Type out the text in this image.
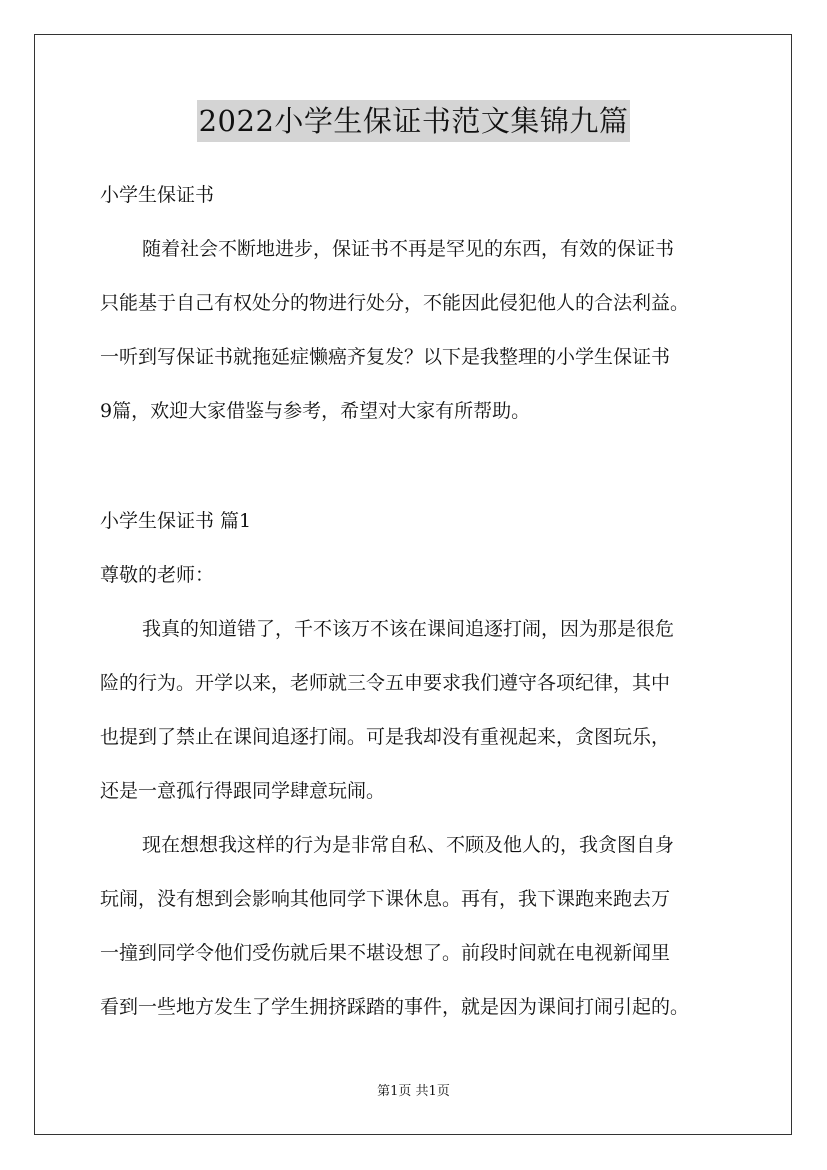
2022小学生保证书范文集锦九篇
小学生保证书
随着社会不断地进步，保证书不再是罕见的东西，有效的保证书
只能基于自己有权处分的物进行处分，不能因此侵犯他人的合法利益。
一听到写保证书就拖延症懒癌齐复发？以下是我整理的小学生保证书
9篇，欢迎大家借鉴与参考，希望对大家有所帮助。
小学生保证书 篇1
尊敬的老师：
我真的知道错了，千不该万不该在课间追逐打闹，因为那是很危
险的行为。开学以来，老师就三令五申要求我们遵守各项纪律，其中
也提到了禁止在课间追逐打闹。可是我却没有重视起来，贪图玩乐，
还是一意孤行得跟同学肆意玩闹。
现在想想我这样的行为是非常自私、不顾及他人的，我贪图自身
玩闹，没有想到会影响其他同学下课休息。再有，我下课跑来跑去万
一撞到同学令他们受伤就后果不堪设想了。前段时间就在电视新闻里
看到一些地方发生了学生拥挤踩踏的事件，就是因为课间打闹引起的。
第1页 共1页
